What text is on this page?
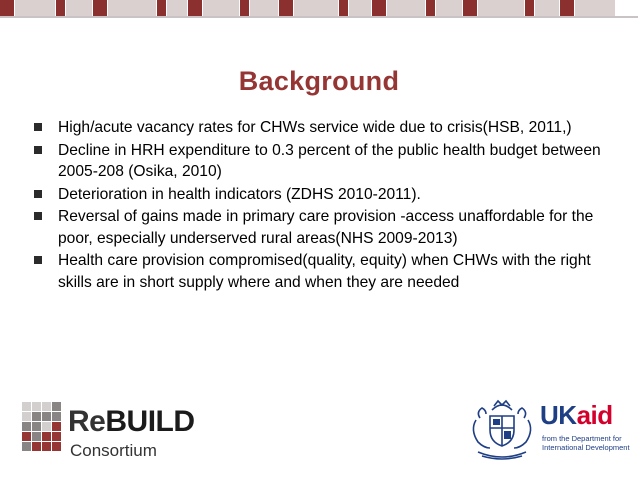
Background
High/acute vacancy rates for CHWs service wide due to crisis(HSB, 2011,)
Decline in HRH expenditure to 0.3 percent of the public health budget between 2005-208 (Osika, 2010)
Deterioration in health indicators (ZDHS 2010-2011).
Reversal of gains made in primary care provision -access unaffordable for the poor, especially underserved rural areas(NHS 2009-2013)
Health care provision compromised(quality, equity) when CHWs with the right skills are in short supply where and when they are needed
ReBUILD
Consortium
UKaid
from the Department for International Development
